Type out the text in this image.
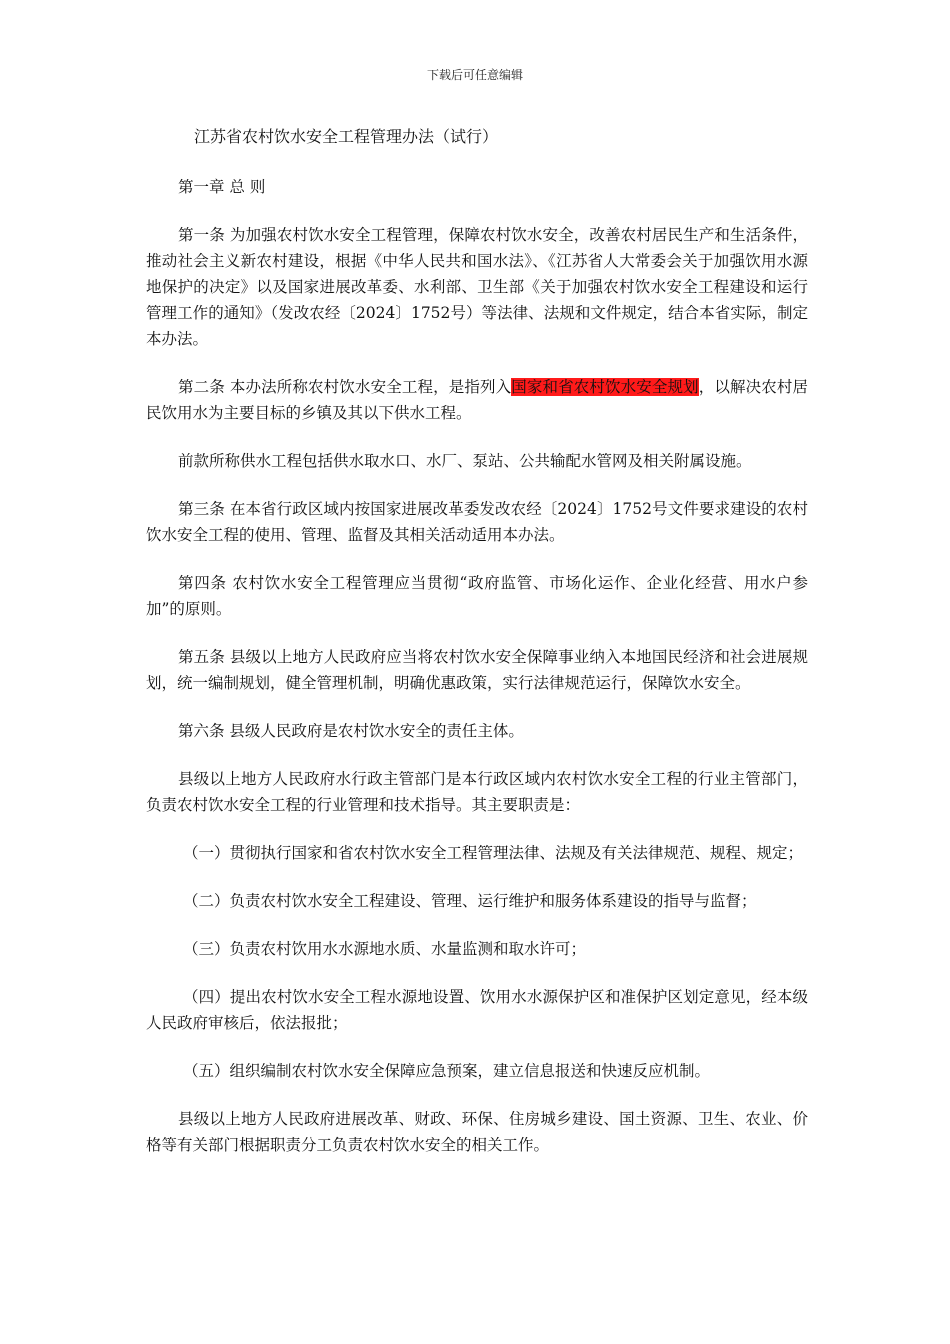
下载后可任意编辑
江苏省农村饮水安全工程管理办法（试行）

第一章 总 则

第一条 为加强农村饮水安全工程管理，保障农村饮水安全，改善农村居民生产和生活条件，推动社会主义新农村建设，根据《中华人民共和国水法》、《江苏省人大常委会关于加强饮用水源地保护的决定》以及国家进展改革委、水利部、卫生部《关于加强农村饮水安全工程建设和运行管理工作的通知》（发改农经〔2024〕1752号）等法律、法规和文件规定，结合本省实际，制定本办法。

第二条 本办法所称农村饮水安全工程，是指列入国家和省农村饮水安全规划，以解决农村居民饮用水为主要目标的乡镇及其以下供水工程。

前款所称供水工程包括供水取水口、水厂、泵站、公共输配水管网及相关附属设施。

第三条 在本省行政区域内按国家进展改革委发改农经〔2024〕1752号文件要求建设的农村饮水安全工程的使用、管理、监督及其相关活动适用本办法。

第四条 农村饮水安全工程管理应当贯彻“政府监管、市场化运作、企业化经营、用水户参加”的原则。

第五条 县级以上地方人民政府应当将农村饮水安全保障事业纳入本地国民经济和社会进展规划，统一编制规划，健全管理机制，明确优惠政策，实行法律规范运行，保障饮水安全。

第六条 县级人民政府是农村饮水安全的责任主体。

县级以上地方人民政府水行政主管部门是本行政区域内农村饮水安全工程的行业主管部门，负责农村饮水安全工程的行业管理和技术指导。其主要职责是：

（一）贯彻执行国家和省农村饮水安全工程管理法律、法规及有关法律规范、规程、规定；

（二）负责农村饮水安全工程建设、管理、运行维护和服务体系建设的指导与监督；

（三）负责农村饮用水水源地水质、水量监测和取水许可；

（四）提出农村饮水安全工程水源地设置、饮用水水源保护区和准保护区划定意见，经本级人民政府审核后，依法报批；

（五）组织编制农村饮水安全保障应急预案，建立信息报送和快速反应机制。

县级以上地方人民政府进展改革、财政、环保、住房城乡建设、国土资源、卫生、农业、价格等有关部门根据职责分工负责农村饮水安全的相关工作。
